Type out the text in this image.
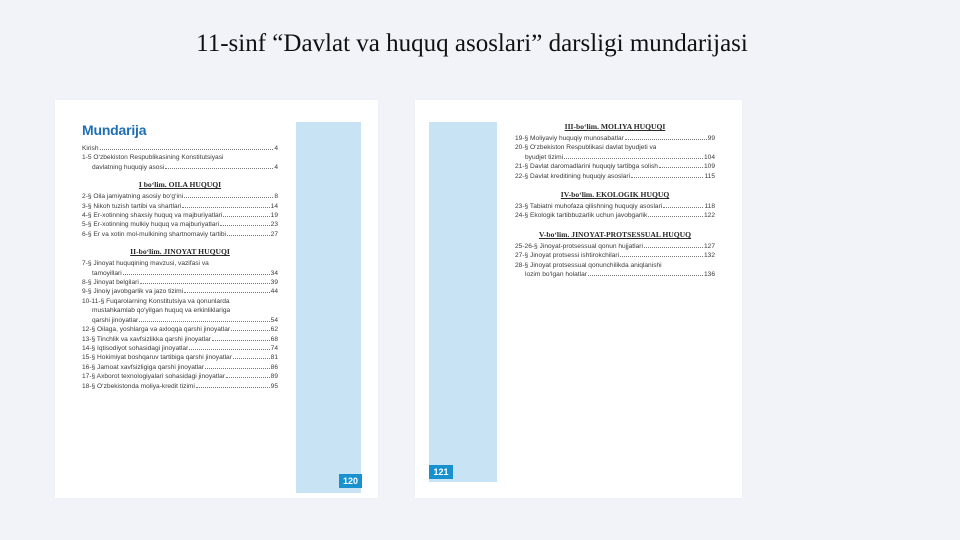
11-sinf “Davlat va huquq asoslari” darsligi mundarijasi
120
Mundarija
Kirish	4
1-5 O‘zbekiston Respublikasining Konstitutsiyasi
davlatning huquqiy asosi	4
I bo‘lim. OILA HUQUQI
2-§ Oila jamiyatning asosiy bo‘g‘ini	8
3-§ Nikoh tuzish tartibi va shartlari	14
4-§ Er-xotinning shaxsiy huquq va majburiyatlari	19
5-§ Er-xotinning mulkiy huquq va majburiyatlari	23
6-§ Er va xotin mol-mulkining shartnomaviy tartibi	27
II-bo‘lim. JINOYAT HUQUQI
7-§ Jinoyat huquqining mavzusi, vazifasi va
tamoyillari	34
8-§ Jinoyat belgilari	39
9-§ Jinoiy javobgarlik va jazo tizimi	44
10-11-§ Fuqarolarning Konstitutsiya va qonunlarda
mustahkamlab qo‘yilgan huquq va erkinliklariga
qarshi jinoyatlar	54
12-§ Oilaga, yoshlarga va axloqqa qarshi jinoyatlar	62
13-§ Tinchlik va xavfsizlikka qarshi jinoyatlar	68
14-§ Iqtisodiyot sohasidagi jinoyatlar	74
15-§ Hokimiyat boshqaruv tartibiga qarshi jinoyatlar	81
16-§ Jamoat xavfsizligiga qarshi jinoyatlar	86
17-§ Axborot texnologiyalari sohasidagi jinoyatlar	89
18-§ O‘zbekistonda moliya-kredit tizimi	95
121
III-bo‘lim. MOLIYA HUQUQI
19-§ Moliyaviy huquqiy munosabatlar	99
20-§ O‘zbekiston Respublikasi davlat byudjeti va
byudjet tizimi	104
21-§ Davlat daromadlarini huquqiy tartibga solish	109
22-§ Davlat kreditining huquqiy asoslari	115
IV-bo‘lim. EKOLOGIK HUQUQ
23-§ Tabiatni muhofaza qilishning huquqiy asoslari	118
24-§ Ekologik tartibbuzarlik uchun javobgarlik	122
V-bo‘lim. JINOYAT-PROTSESSUAL HUQUQ
25-26-§ Jinoyat-protsessual qonun hujjatlari	127
27-§ Jinoyat protsessi ishtirokchilari	132
28-§ Jinoyat protsessual qonunchilikda aniqlanishi
lozim bo‘lgan holatlar	136
